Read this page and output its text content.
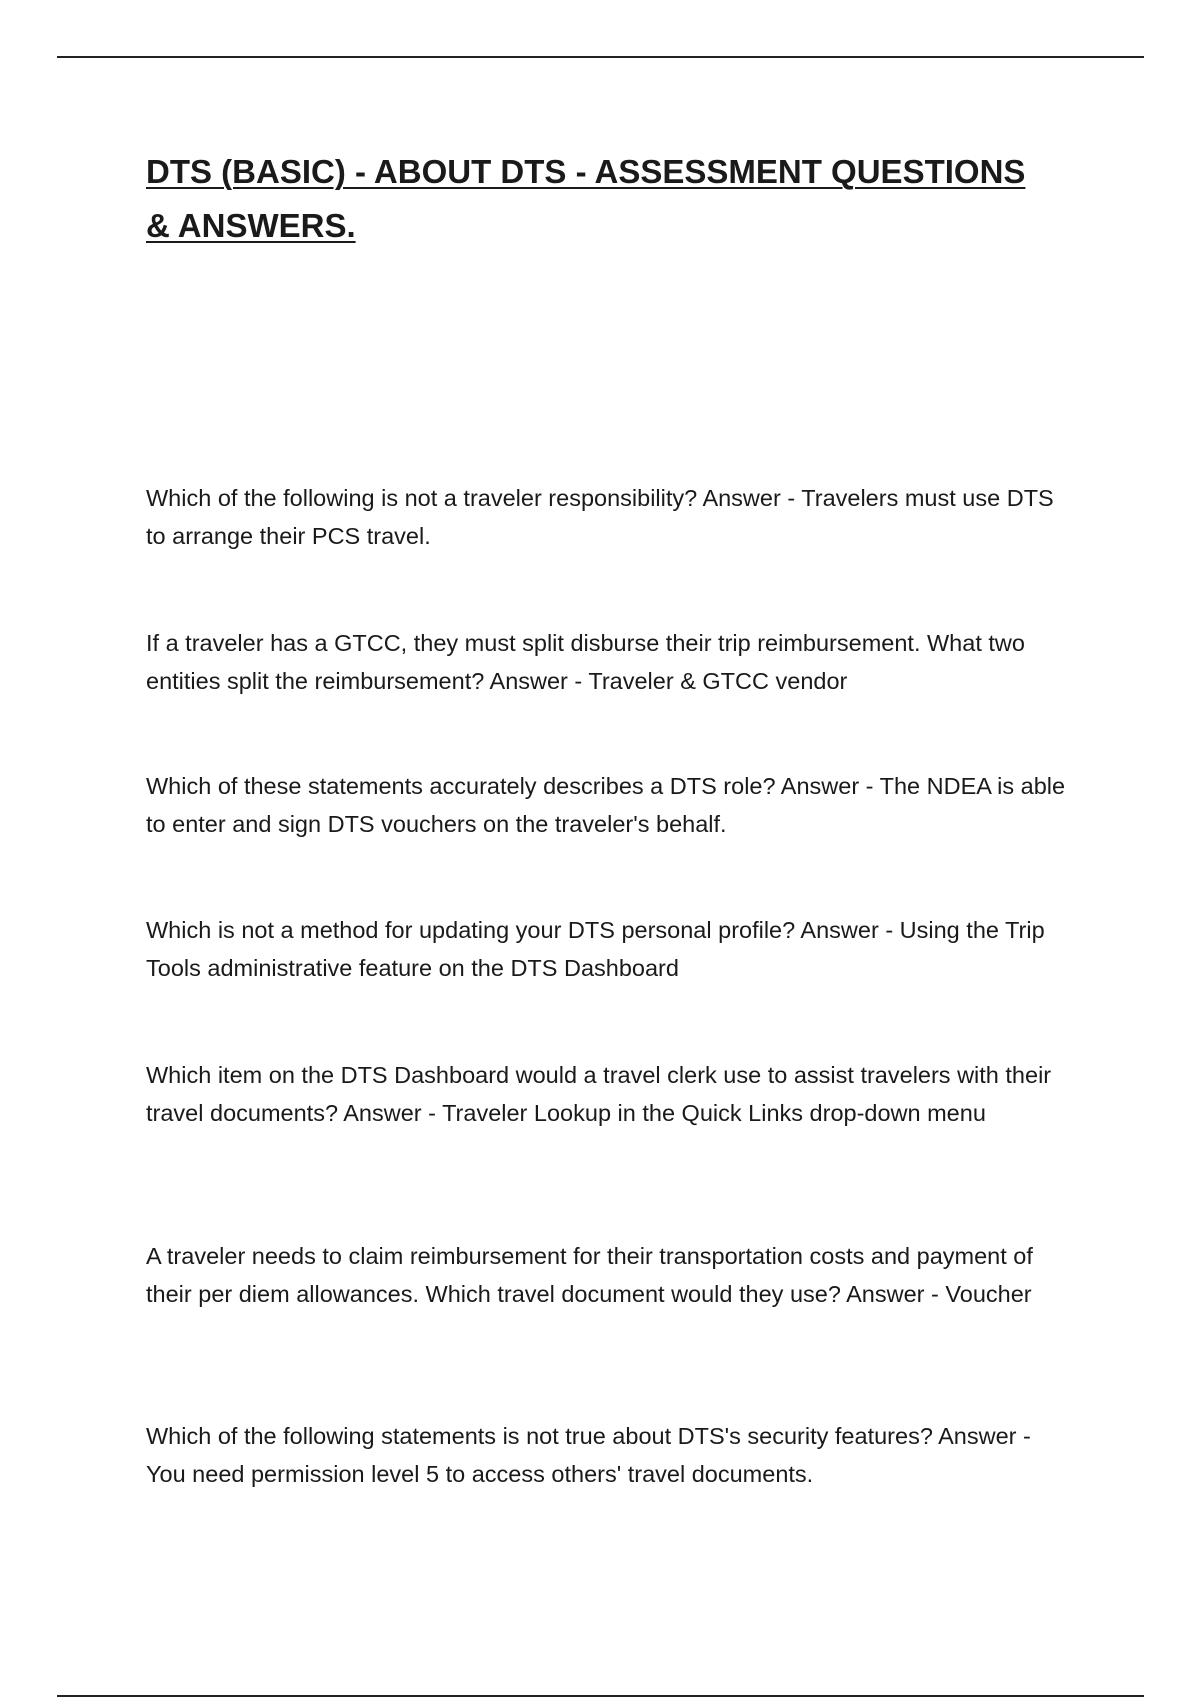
DTS (BASIC) - ABOUT DTS - ASSESSMENT QUESTIONS & ANSWERS.

Which of the following is not a traveler responsibility? Answer - Travelers must use DTS to arrange their PCS travel.

If a traveler has a GTCC, they must split disburse their trip reimbursement. What two entities split the reimbursement? Answer - Traveler & GTCC vendor

Which of these statements accurately describes a DTS role? Answer - The NDEA is able to enter and sign DTS vouchers on the traveler's behalf.

Which is not a method for updating your DTS personal profile? Answer - Using the Trip Tools administrative feature on the DTS Dashboard

Which item on the DTS Dashboard would a travel clerk use to assist travelers with their travel documents? Answer - Traveler Lookup in the Quick Links drop-down menu

A traveler needs to claim reimbursement for their transportation costs and payment of their per diem allowances. Which travel document would they use? Answer - Voucher

Which of the following statements is not true about DTS's security features? Answer - You need permission level 5 to access others' travel documents.
